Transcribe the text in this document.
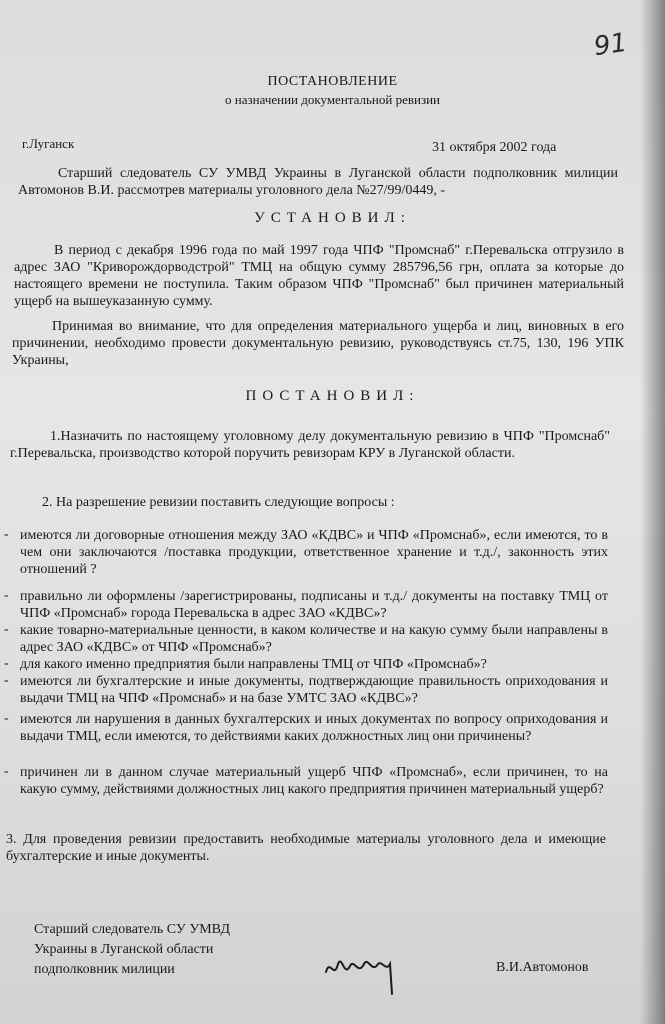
91
ПОСТАНОВЛЕНИЕ
о назначении документальной ревизии
г.Луганск	31 октября 2002 года
Старший следователь СУ УМВД Украины в Луганской области подполковник милиции Автомонов В.И. рассмотрев материалы уголовного дела №27/99/0449, -
УСТАНОВИЛ:
В период с декабря 1996 года по май 1997 года ЧПФ "Промснаб" г.Перевальска отгрузило в адрес ЗАО "Криворождорводстрой" ТМЦ на общую сумму 285796,56 грн, оплата за которые до настоящего времени не поступила. Таким образом ЧПФ "Промснаб" был причинен материальный ущерб на вышеуказанную сумму.
Принимая во внимание, что для определения материального ущерба и лиц, виновных в его причинении, необходимо провести документальную ревизию, руководствуясь ст.75, 130, 196 УПК Украины,
ПОСТАНОВИЛ:
1.Назначить по настоящему уголовному делу документальную ревизию в ЧПФ "Промснаб" г.Перевальска, производство которой поручить ревизорам КРУ в Луганской области.
2. На разрешение ревизии поставить следующие вопросы :
- имеются ли договорные отношения между ЗАО «КДВС» и ЧПФ «Промснаб», если имеются, то в чем они заключаются /поставка продукции, ответственное хранение и т.д./, законность этих отношений ?
- правильно ли оформлены /зарегистрированы, подписаны и т.д./ документы на поставку ТМЦ от ЧПФ «Промснаб» города Перевальска в адрес ЗАО «КДВС»?
- какие товарно-материальные ценности, в каком количестве и на какую сумму были направлены в адрес ЗАО «КДВС» от ЧПФ «Промснаб»?
- для какого именно предприятия были направлены ТМЦ от ЧПФ «Промснаб»?
- имеются ли бухгалтерские и иные документы, подтверждающие правильность оприходования и выдачи ТМЦ на ЧПФ «Промснаб» и на базе УМТС ЗАО «КДВС»?
- имеются ли нарушения в данных бухгалтерских и иных документах по вопросу оприходования и выдачи ТМЦ, если имеются, то действиями каких должностных лиц они причинены?
- причинен ли в данном случае материальный ущерб ЧПФ «Промснаб», если причинен, то на какую сумму, действиями должностных лиц какого предприятия причинен материальный ущерб?
3. Для проведения ревизии предоставить необходимые материалы уголовного дела и имеющие бухгалтерские и иные документы.
Старший следователь СУ УМВД
Украины в Луганской области
подполковник милиции	В.И.Автомонов
